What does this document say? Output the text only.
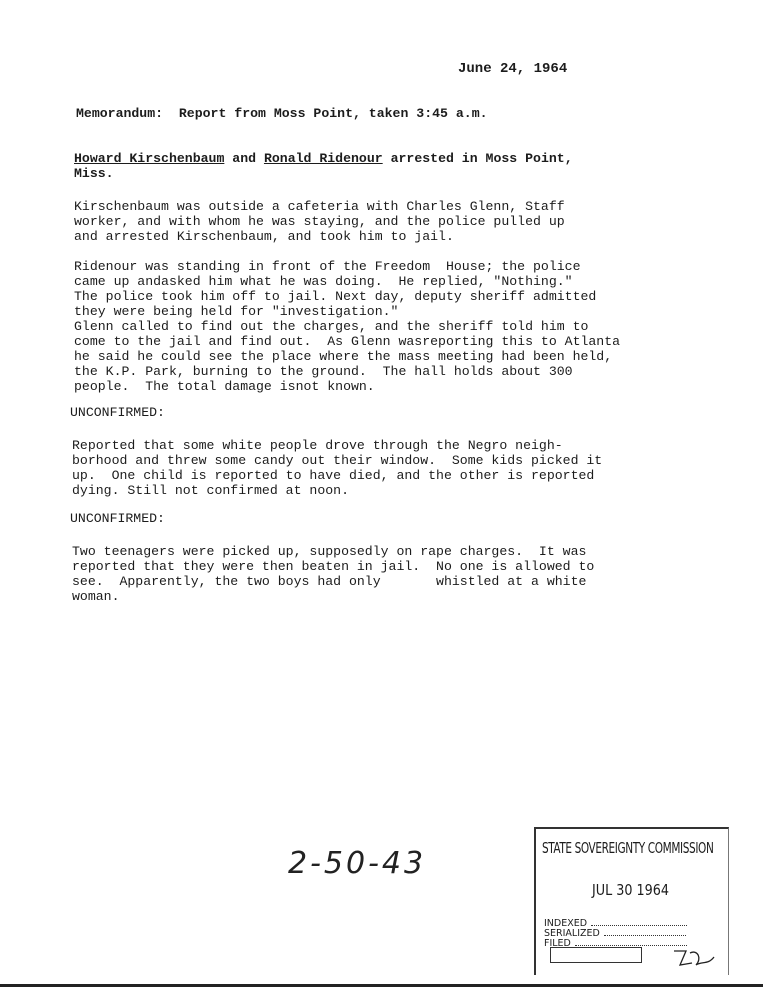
June 24, 1964
Memorandum:  Report from Moss Point, taken 3:45 a.m.
Howard Kirschenbaum and Ronald Ridenour arrested in Moss Point,
Miss.
Kirschenbaum was outside a cafeteria with Charles Glenn, Staff
worker, and with whom he was staying, and the police pulled up
and arrested Kirschenbaum, and took him to jail.
Ridenour was standing in front of the Freedom  House; the police
came up andasked him what he was doing.  He replied, "Nothing."
The police took him off to jail. Next day, deputy sheriff admitted
they were being held for "investigation."
Glenn called to find out the charges, and the sheriff told him to
come to the jail and find out.  As Glenn wasreporting this to Atlanta
he said he could see the place where the mass meeting had been held,
the K.P. Park, burning to the ground.  The hall holds about 300
people.  The total damage isnot known.
UNCONFIRMED:
Reported that some white people drove through the Negro neigh-
borhood and threw some candy out their window.  Some kids picked it
up.  One child is reported to have died, and the other is reported
dying. Still not confirmed at noon.
UNCONFIRMED:
Two teenagers were picked up, supposedly on rape charges.  It was
reported that they were then beaten in jail.  No one is allowed to
see.  Apparently, the two boys had only       whistled at a white
woman.
2-50-43	STATE SOVEREIGNTY COMMISSION
JUL 30 1964
INDEXED
SERIALIZED
FILED
